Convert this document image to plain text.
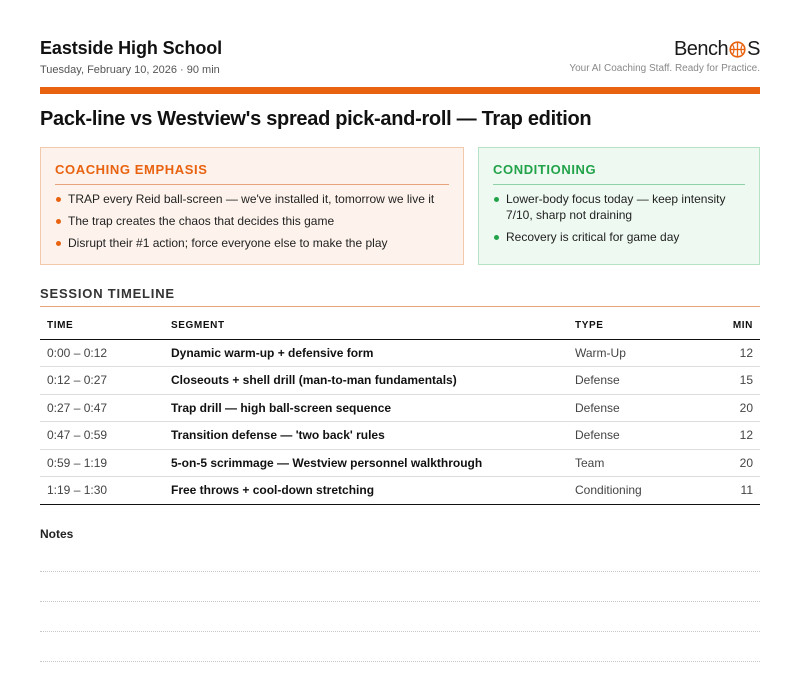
Eastside High School
Tuesday, February 10, 2026 · 90 min
Bench S
Your AI Coaching Staff. Ready for Practice.
Pack-line vs Westview's spread pick-and-roll — Trap edition
COACHING EMPHASIS
TRAP every Reid ball-screen — we've installed it, tomorrow we live it
The trap creates the chaos that decides this game
Disrupt their #1 action; force everyone else to make the play
CONDITIONING
Lower-body focus today — keep intensity 7/10, sharp not draining
Recovery is critical for game day
SESSION TIMELINE
TIME	SEGMENT	TYPE	MIN
0:00 – 0:12	Dynamic warm-up + defensive form	Warm-Up	12
0:12 – 0:27	Closeouts + shell drill (man-to-man fundamentals)	Defense	15
0:27 – 0:47	Trap drill — high ball-screen sequence	Defense	20
0:47 – 0:59	Transition defense — 'two back' rules	Defense	12
0:59 – 1:19	5-on-5 scrimmage — Westview personnel walkthrough	Team	20
1:19 – 1:30	Free throws + cool-down stretching	Conditioning	11
Notes
